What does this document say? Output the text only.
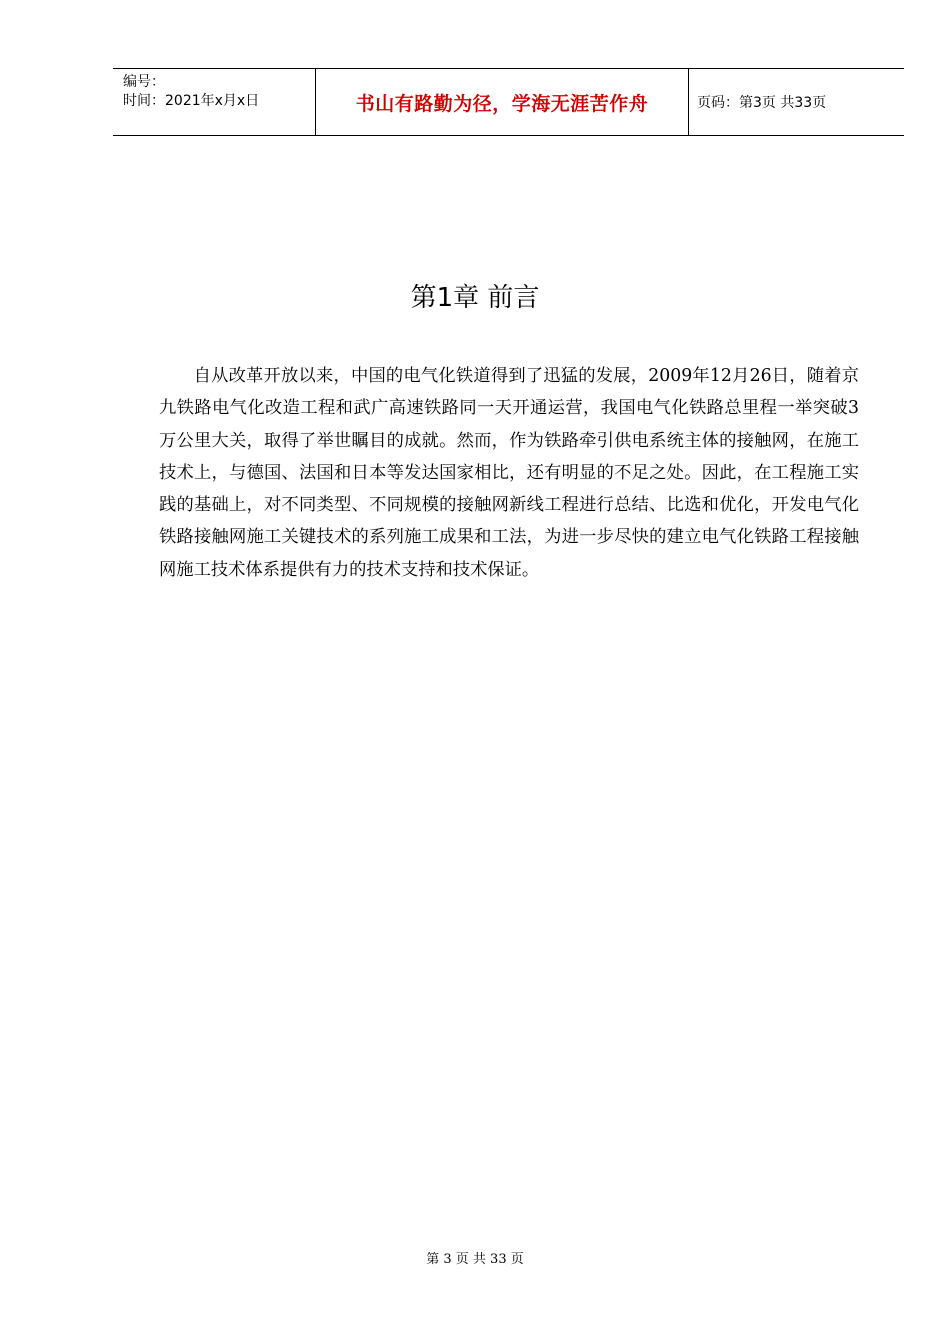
编号：
时间：2021年x月x日	书山有路勤为径，学海无涯苦作舟	页码：第3页 共33页
第1章 前言

自从改革开放以来，中国的电气化铁道得到了迅猛的发展，2009年12月26日，随着京九铁路电气化改造工程和武广高速铁路同一天开通运营，我国电气化铁路总里程一举突破3万公里大关，取得了举世瞩目的成就。然而，作为铁路牵引供电系统主体的接触网，在施工技术上，与德国、法国和日本等发达国家相比，还有明显的不足之处。因此，在工程施工实践的基础上，对不同类型、不同规模的接触网新线工程进行总结、比选和优化，开发电气化铁路接触网施工关键技术的系列施工成果和工法，为进一步尽快的建立电气化铁路工程接触网施工技术体系提供有力的技术支持和技术保证。

第 3 页 共 33 页
